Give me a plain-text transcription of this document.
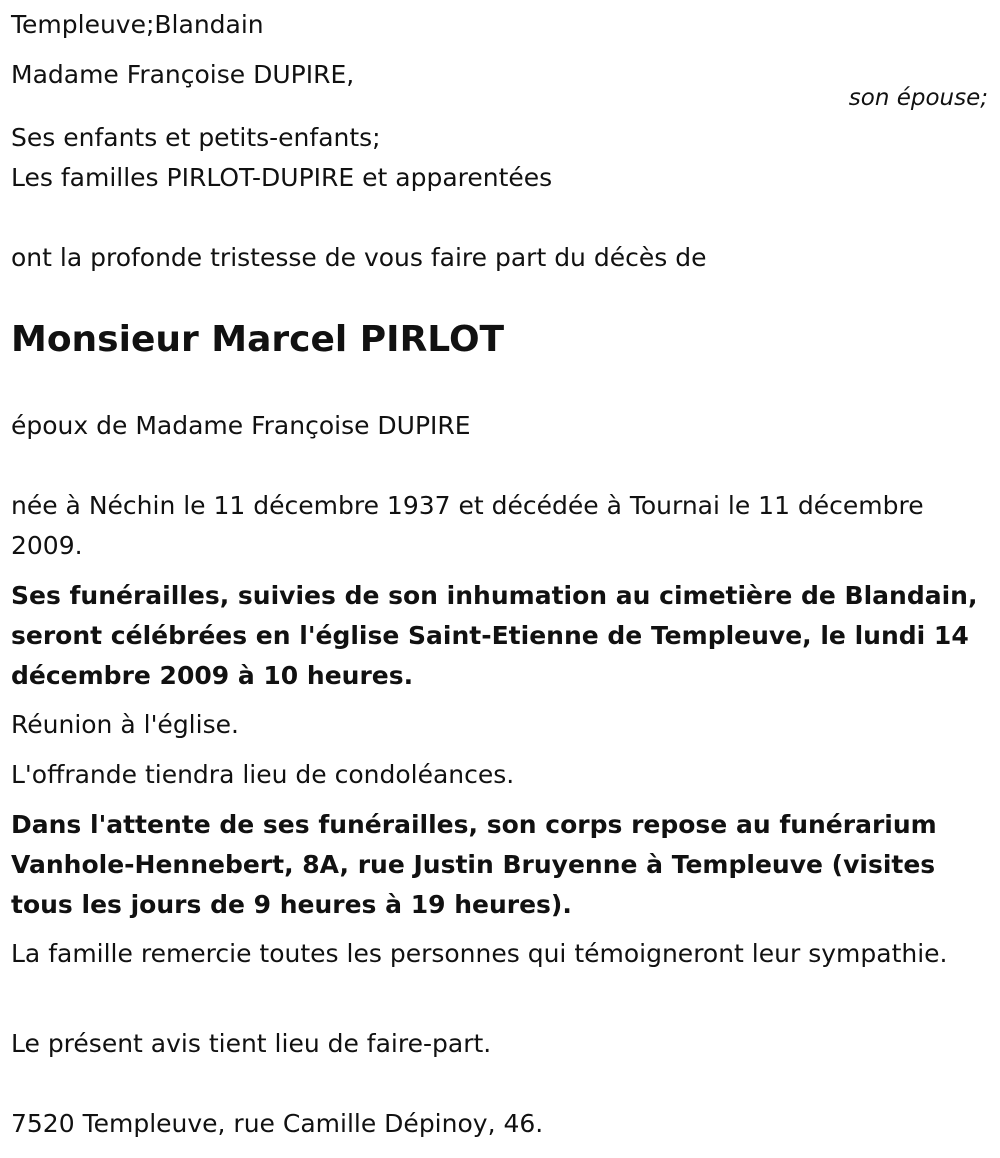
Templeuve;Blandain

Madame Françoise DUPIRE,

son épouse;

Ses enfants et petits-enfants;

Les familles PIRLOT-DUPIRE et apparentées

ont la profonde tristesse de vous faire part du décès de

Monsieur Marcel PIRLOT

époux de Madame Françoise DUPIRE

née à Néchin le 11 décembre 1937 et décédée à Tournai le 11 décembre 2009.

Ses funérailles, suivies de son inhumation au cimetière de Blandain, seront célébrées en l'église Saint-Etienne de Templeuve, le lundi 14 décembre 2009 à 10 heures.

Réunion à l'église.

L'offrande tiendra lieu de condoléances.

Dans l'attente de ses funérailles, son corps repose au funérarium Vanhole-Hennebert, 8A, rue Justin Bruyenne à Templeuve (visites tous les jours de 9 heures à 19 heures).

La famille remercie toutes les personnes qui témoigneront leur sympathie.

Le présent avis tient lieu de faire-part.

7520 Templeuve, rue Camille Dépinoy, 46.
